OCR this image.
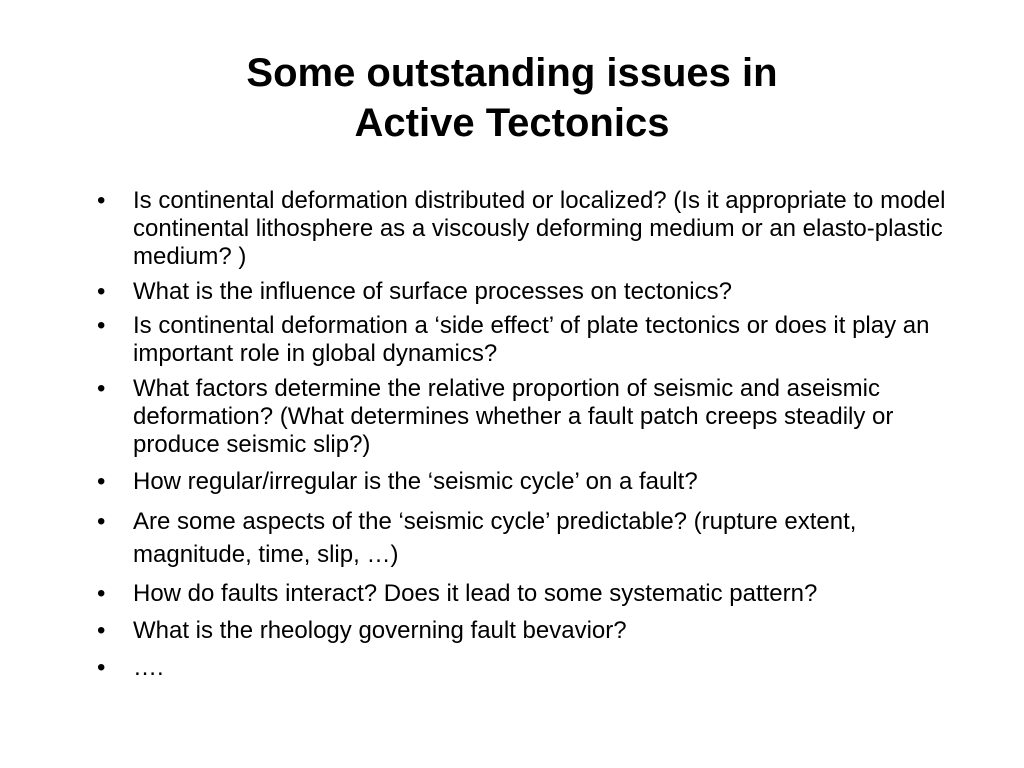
Some outstanding issues in
Active Tectonics
•	Is continental deformation distributed or localized? (Is it appropriate to model continental lithosphere as a viscously deforming medium or an elasto-plastic medium? )
•	What is the influence of surface processes on tectonics?
•	Is continental deformation a ‘side effect’ of plate tectonics or does it play an important role in global dynamics?
•	What factors determine the relative proportion of seismic and aseismic deformation? (What determines whether a fault patch creeps steadily or produce seismic slip?)
•	How regular/irregular is the ‘seismic cycle’ on a fault?
•	Are some aspects of the ‘seismic cycle’ predictable? (rupture extent, magnitude, time, slip, …)
•	How do faults interact? Does it lead to some systematic pattern?
•	What is the rheology governing fault bevavior?
•	….
